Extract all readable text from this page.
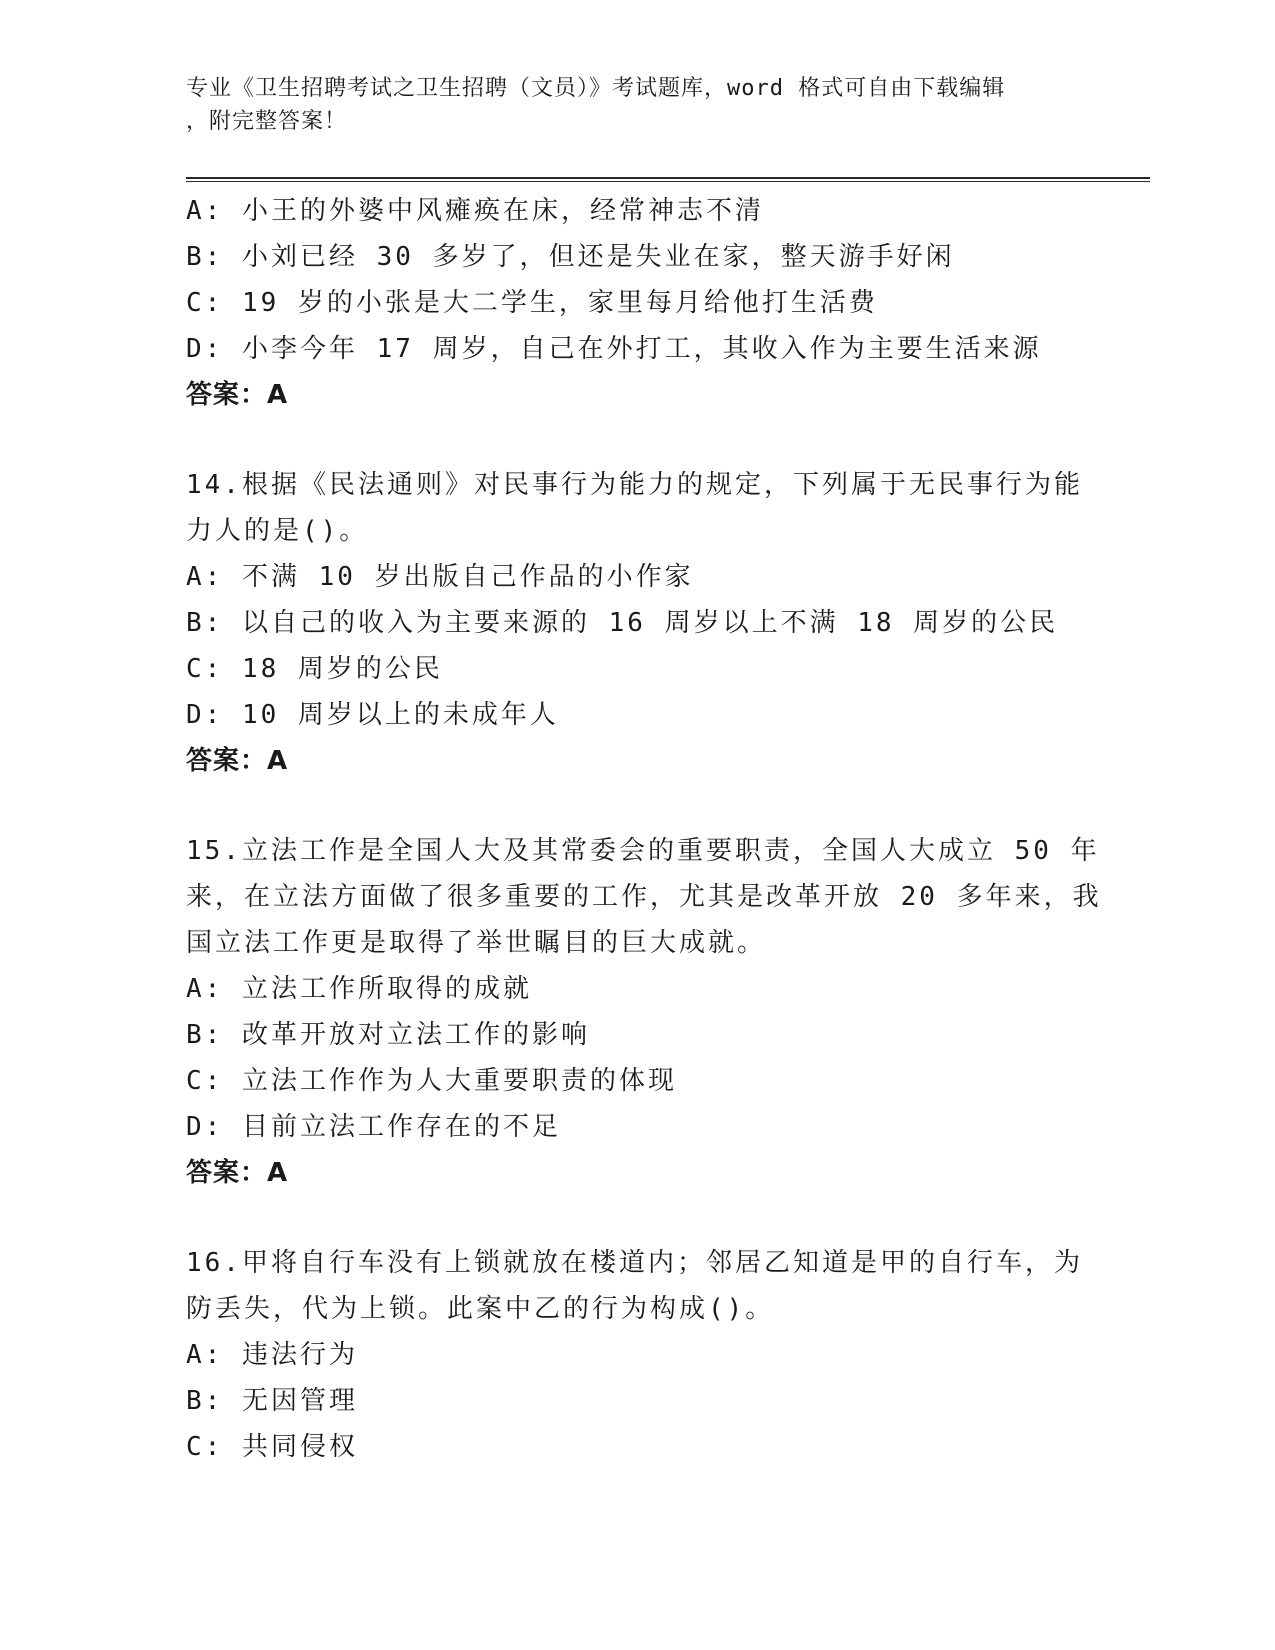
专业《卫生招聘考试之卫生招聘（文员）》考试题库，word 格式可自由下载编辑
，附完整答案！
A: 小王的外婆中风瘫痪在床，经常神志不清
B: 小刘已经 30 多岁了，但还是失业在家，整天游手好闲
C: 19 岁的小张是大二学生，家里每月给他打生活费
D: 小李今年 17 周岁，自己在外打工，其收入作为主要生活来源
答案：A
14.根据《民法通则》对民事行为能力的规定，下列属于无民事行为能
力人的是()。
A: 不满 10 岁出版自己作品的小作家
B: 以自己的收入为主要来源的 16 周岁以上不满 18 周岁的公民
C: 18 周岁的公民
D: 10 周岁以上的未成年人
答案：A
15.立法工作是全国人大及其常委会的重要职责，全国人大成立 50 年
来，在立法方面做了很多重要的工作，尤其是改革开放 20 多年来，我
国立法工作更是取得了举世瞩目的巨大成就。
A: 立法工作所取得的成就
B: 改革开放对立法工作的影响
C: 立法工作作为人大重要职责的体现
D: 目前立法工作存在的不足
答案：A
16.甲将自行车没有上锁就放在楼道内；邻居乙知道是甲的自行车，为
防丢失，代为上锁。此案中乙的行为构成()。
A: 违法行为
B: 无因管理
C: 共同侵权
